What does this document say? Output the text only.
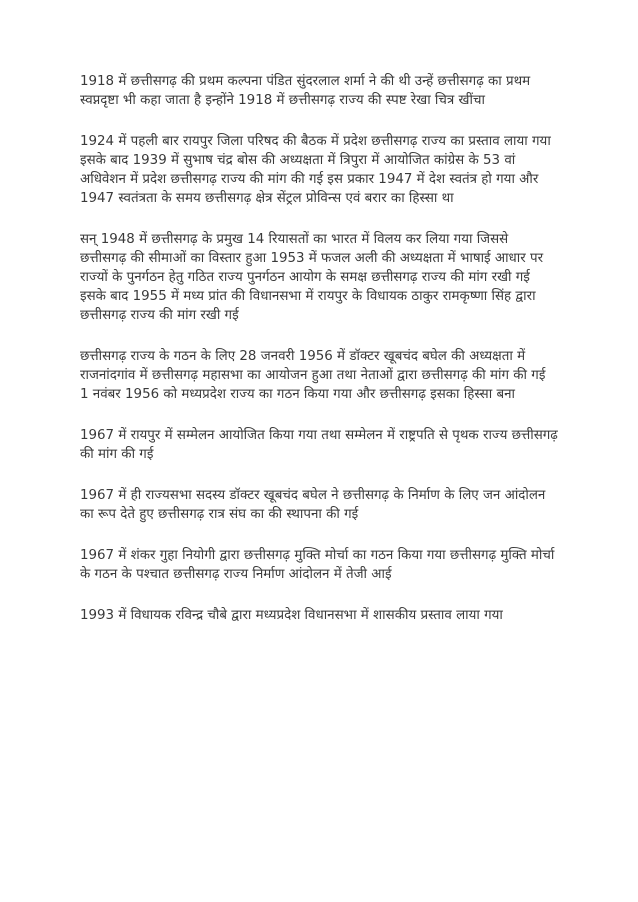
1918 में छत्तीसगढ़ की प्रथम कल्पना पंडित सुंदरलाल शर्मा ने की थी उन्हें छत्तीसगढ़ का प्रथम स्वप्नदृष्टा भी कहा जाता है इन्होंने 1918 में छत्तीसगढ़ राज्य की स्पष्ट रेखा चित्र खींचा

1924 में पहली बार रायपुर जिला परिषद की बैठक में प्रदेश छत्तीसगढ़ राज्य का प्रस्ताव लाया गया इसके बाद 1939 में सुभाष चंद्र बोस की अध्यक्षता में त्रिपुरा में आयोजित कांग्रेस के 53 वां अधिवेशन में प्रदेश छत्तीसगढ़ राज्य की मांग की गई इस प्रकार 1947 में देश स्वतंत्र हो गया और 1947 स्वतंत्रता के समय छत्तीसगढ़ क्षेत्र सेंट्रल प्रोविन्स एवं बरार का हिस्सा था

सन् 1948 में छत्तीसगढ़ के प्रमुख 14 रियासतों का भारत में विलय कर लिया गया जिससे छत्तीसगढ़ की सीमाओं का विस्तार हुआ 1953 में फजल अली की अध्यक्षता में भाषाई आधार पर राज्यों के पुनर्गठन हेतु गठित राज्य पुनर्गठन आयोग के समक्ष छत्तीसगढ़ राज्य की मांग रखी गई इसके बाद 1955 में मध्य प्रांत की विधानसभा में रायपुर के विधायक ठाकुर रामकृष्णा सिंह द्वारा छत्तीसगढ़ राज्य की मांग रखी गई

छत्तीसगढ़ राज्य के गठन के लिए 28 जनवरी 1956 में डॉक्टर खूबचंद बघेल की अध्यक्षता में राजनांदगांव में छत्तीसगढ़ महासभा का आयोजन हुआ तथा नेताओं द्वारा छत्तीसगढ़ की मांग की गई 1 नवंबर 1956 को मध्यप्रदेश राज्य का गठन किया गया और छत्तीसगढ़ इसका हिस्सा बना

1967 में रायपुर में सम्मेलन आयोजित किया गया तथा सम्मेलन में राष्ट्रपति से पृथक राज्य छत्तीसगढ़ की मांग की गई

1967 में ही राज्यसभा सदस्य डॉक्टर खूबचंद बघेल ने छत्तीसगढ़ के निर्माण के लिए जन आंदोलन का रूप देते हुए छत्तीसगढ़ रात्र संघ का की स्थापना की गई

1967 में शंकर गुहा नियोगी द्वारा छत्तीसगढ़ मुक्ति मोर्चा का गठन किया गया छत्तीसगढ़ मुक्ति मोर्चा के गठन के पश्चात छत्तीसगढ़ राज्य निर्माण आंदोलन में तेजी आई

1993 में विधायक रविन्द्र चौबे द्वारा मध्यप्रदेश विधानसभा में शासकीय प्रस्ताव लाया गया
